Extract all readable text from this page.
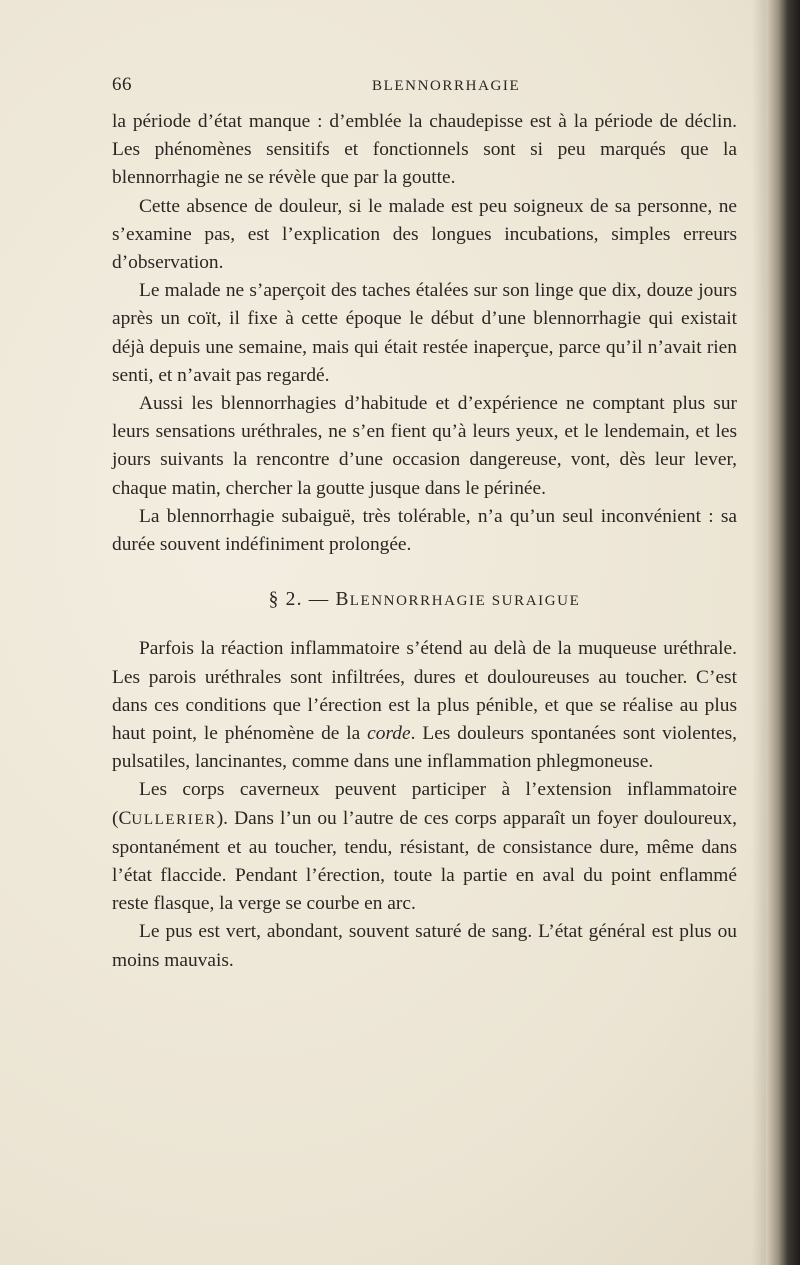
66	BLENNORRHAGIE

la période d’état manque : d’emblée la chaudepisse est à la période de déclin. Les phénomènes sensitifs et fonctionnels sont si peu marqués que la blennorrhagie ne se révèle que par la goutte.

Cette absence de douleur, si le malade est peu soigneux de sa personne, ne s’examine pas, est l’explication des longues incubations, simples erreurs d’observation.

Le malade ne s’aperçoit des taches étalées sur son linge que dix, douze jours après un coït, il fixe à cette époque le début d’une blennorrhagie qui existait déjà depuis une semaine, mais qui était restée inaperçue, parce qu’il n’avait rien senti, et n’avait pas regardé.

Aussi les blennorrhagies d’habitude et d’expérience ne comptant plus sur leurs sensations uréthrales, ne s’en fient qu’à leurs yeux, et le lendemain, et les jours suivants la rencontre d’une occasion dangereuse, vont, dès leur lever, chaque matin, chercher la goutte jusque dans le périnée.

La blennorrhagie subaiguë, très tolérable, n’a qu’un seul inconvénient : sa durée souvent indéfiniment prolongée.

§ 2. — BLENNORRHAGIE SURAIGUE

Parfois la réaction inflammatoire s’étend au delà de la muqueuse uréthrale. Les parois uréthrales sont infiltrées, dures et douloureuses au toucher. C’est dans ces conditions que l’érection est la plus pénible, et que se réalise au plus haut point, le phénomène de la corde. Les douleurs spontanées sont violentes, pulsatiles, lancinantes, comme dans une inflammation phlegmoneuse.

Les corps caverneux peuvent participer à l’extension inflammatoire (CULLERIER). Dans l’un ou l’autre de ces corps apparaît un foyer douloureux, spontanément et au toucher, tendu, résistant, de consistance dure, même dans l’état flaccide. Pendant l’érection, toute la partie en aval du point enflammé reste flasque, la verge se courbe en arc.

Le pus est vert, abondant, souvent saturé de sang. L’état général est plus ou moins mauvais.
